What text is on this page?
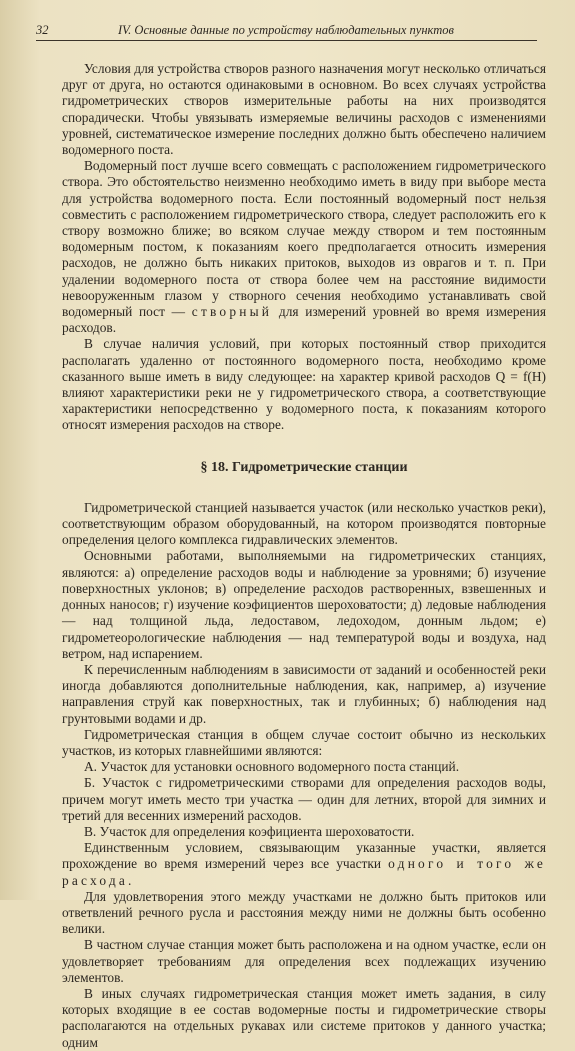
32	IV. Основные данные по устройству наблюдательных пунктов

Условия для устройства створов разного назначения могут несколько отличаться друг от друга, но остаются одинаковыми в основном. Во всех случаях устройства гидрометрических створов измерительные работы на них производятся спорадически. Чтобы увязывать измеряемые величины расходов с изменениями уровней, систематическое измерение последних должно быть обеспечено наличием водомерного поста.

Водомерный пост лучше всего совмещать с расположением гидрометрического створа. Это обстоятельство неизменно необходимо иметь в виду при выборе места для устройства водомерного поста. Если постоянный водомерный пост нельзя совместить с расположением гидрометрического створа, следует расположить его к створу возможно ближе; во всяком случае между створом и тем постоянным водомерным постом, к показаниям коего предполагается относить измерения расходов, не должно быть никаких притоков, выходов из оврагов и т. п. При удалении водомерного поста от створа более чем на расстояние видимости невооруженным глазом у створного сечения необходимо устанавливать свой водомерный пост — створный для измерений уровней во время измерения расходов.

В случае наличия условий, при которых постоянный створ приходится располагать удаленно от постоянного водомерного поста, необходимо кроме сказанного выше иметь в виду следующее: на характер кривой расходов Q = f(H) влияют характеристики реки не у гидрометрического створа, а соответствующие характеристики непосредственно у водомерного поста, к показаниям которого относят измерения расходов на створе.

§ 18. Гидрометрические станции

Гидрометрической станцией называется участок (или несколько участков реки), соответствующим образом оборудованный, на котором производятся повторные определения целого комплекса гидравлических элементов.

Основными работами, выполняемыми на гидрометрических станциях, являются: а) определение расходов воды и наблюдение за уровнями; б) изучение поверхностных уклонов; в) определение расходов растворенных, взвешенных и донных наносов; г) изучение коэфициентов шероховатости; д) ледовые наблюдения — над толщиной льда, ледоставом, ледоходом, донным льдом; е) гидрометеорологические наблюдения — над температурой воды и воздуха, над ветром, над испарением.

К перечисленным наблюдениям в зависимости от заданий и особенностей реки иногда добавляются дополнительные наблюдения, как, например, а) изучение направления струй как поверхностных, так и глубинных; б) наблюдения над грунтовыми водами и др.

Гидрометрическая станция в общем случае состоит обычно из нескольких участков, из которых главнейшими являются:

А. Участок для установки основного водомерного поста станций.

Б. Участок с гидрометрическими створами для определения расходов воды, причем могут иметь место три участка — один для летних, второй для зимних и третий для весенних измерений расходов.

В. Участок для определения коэфициента шероховатости.

Единственным условием, связывающим указанные участки, является прохождение во время измерений через все участки одного и того же расхода.

Для удовлетворения этого между участками не должно быть притоков или ответвлений речного русла и расстояния между ними не должны быть особенно велики.

В частном случае станция может быть расположена и на одном участке, если он удовлетворяет требованиям для определения всех подлежащих изучению элементов.

В иных случаях гидрометрическая станция может иметь задания, в силу которых входящие в ее состав водомерные посты и гидрометрические створы располагаются на отдельных рукавах или системе притоков у данного участка; одним
